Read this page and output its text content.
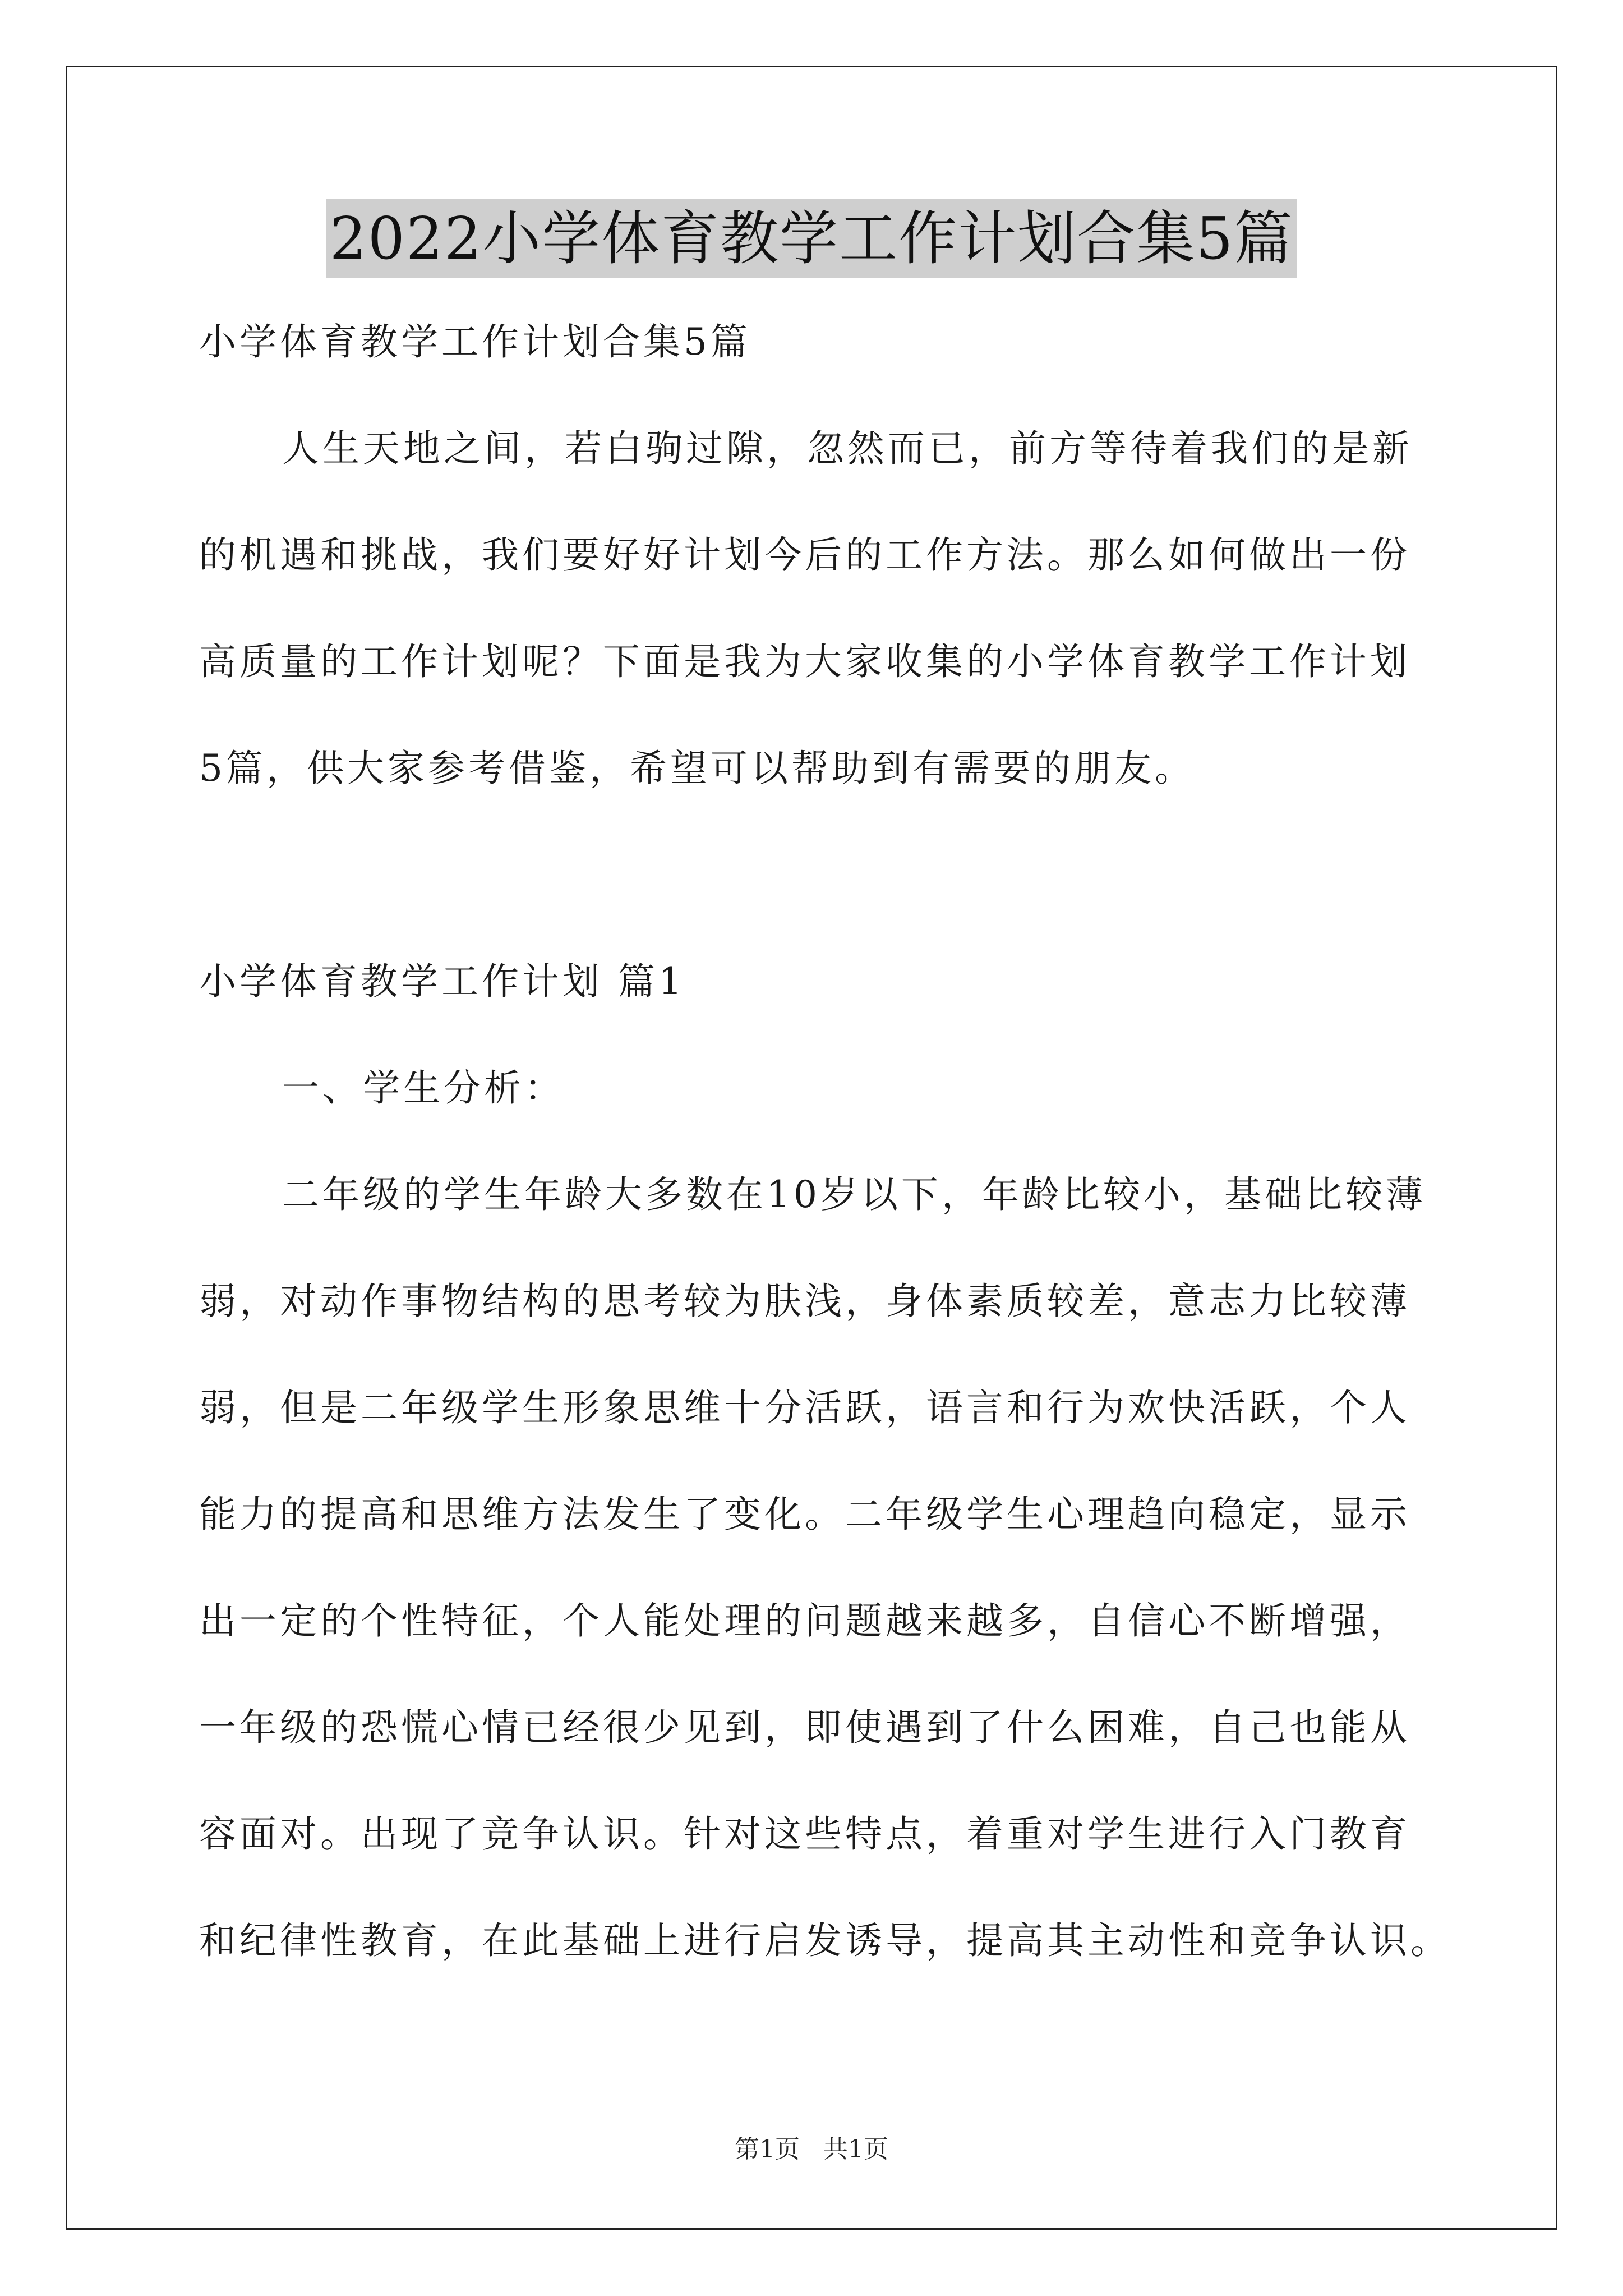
2022小学体育教学工作计划合集5篇
小学体育教学工作计划合集5篇
人生天地之间，若白驹过隙，忽然而已，前方等待着我们的是新
的机遇和挑战，我们要好好计划今后的工作方法。那么如何做出一份
高质量的工作计划呢？下面是我为大家收集的小学体育教学工作计划
5篇，供大家参考借鉴，希望可以帮助到有需要的朋友。
小学体育教学工作计划 篇1
一、学生分析：
二年级的学生年龄大多数在10岁以下，年龄比较小，基础比较薄
弱，对动作事物结构的思考较为肤浅，身体素质较差，意志力比较薄
弱，但是二年级学生形象思维十分活跃，语言和行为欢快活跃，个人
能力的提高和思维方法发生了变化。二年级学生心理趋向稳定，显示
出一定的个性特征，个人能处理的问题越来越多，自信心不断增强，
一年级的恐慌心情已经很少见到，即使遇到了什么困难，自己也能从
容面对。出现了竞争认识。针对这些特点，着重对学生进行入门教育
和纪律性教育，在此基础上进行启发诱导，提高其主动性和竞争认识。
第1页   共1页
